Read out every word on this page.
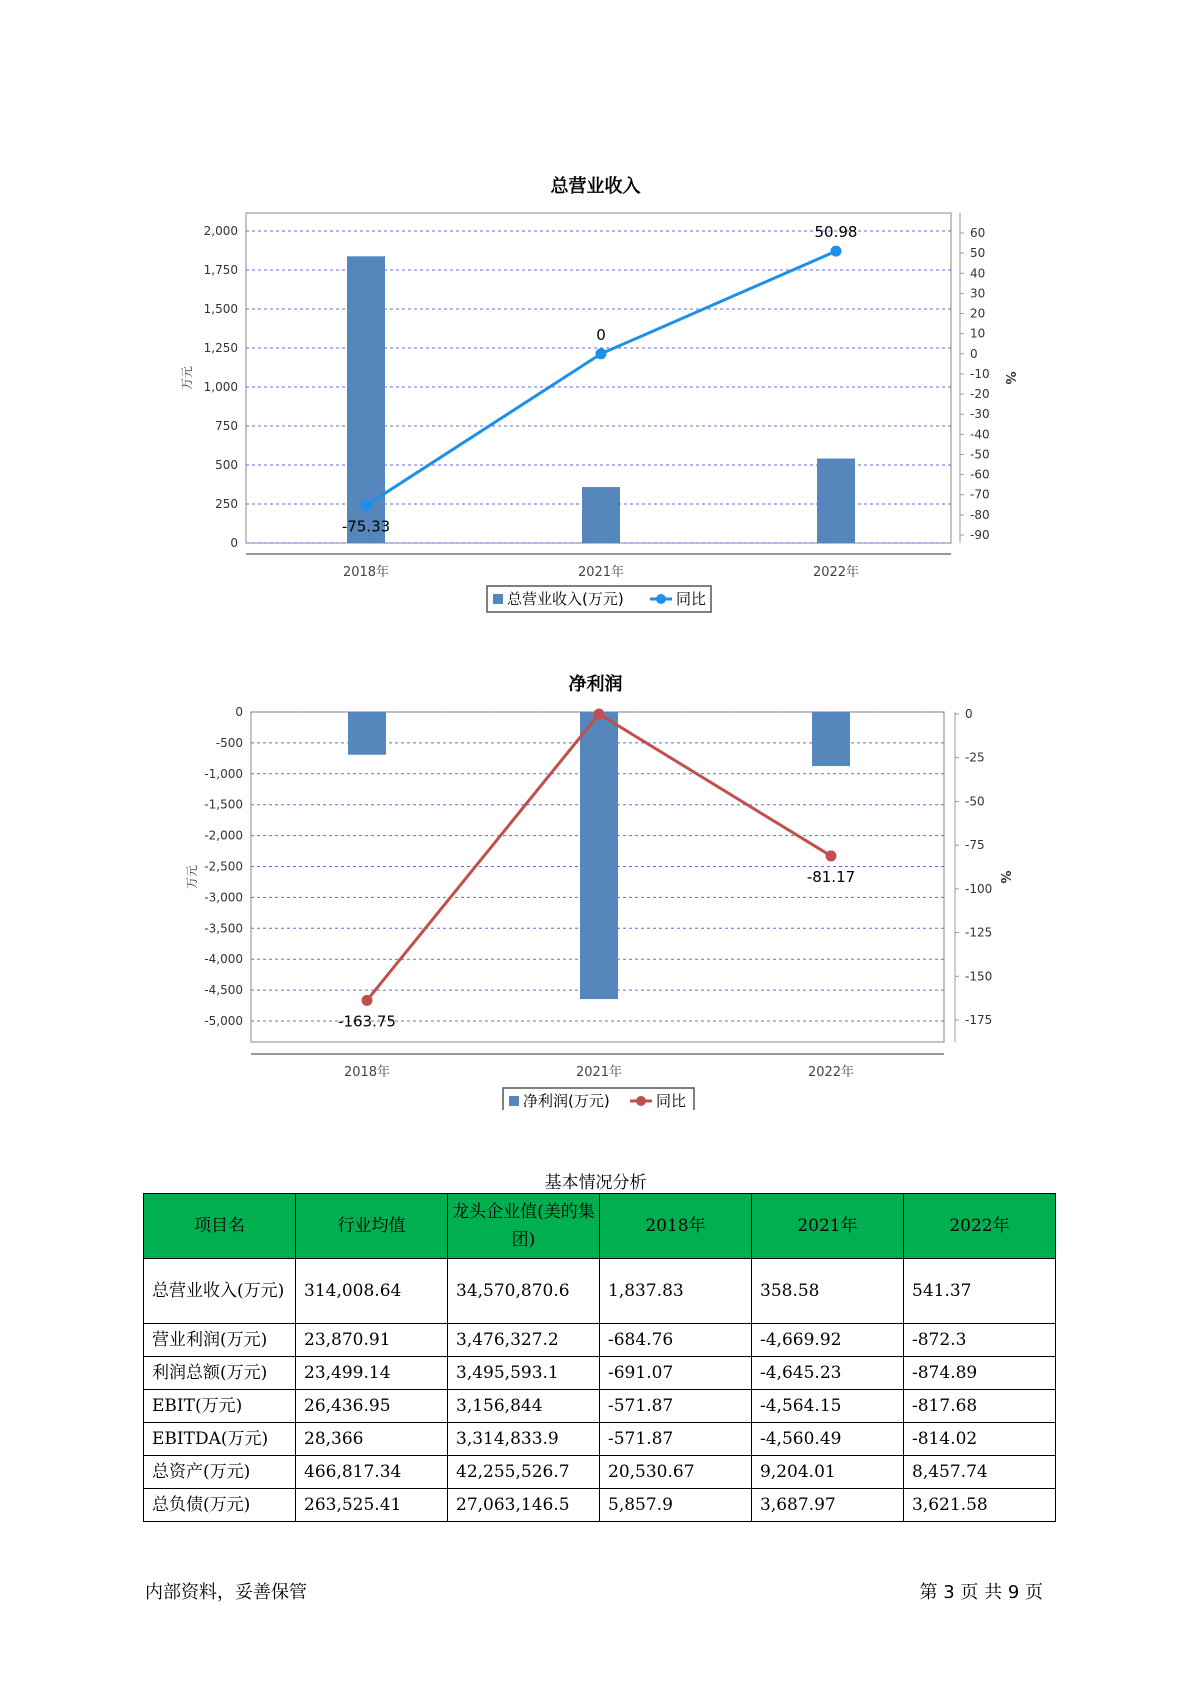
总营业收入
0
250
500
750
1,000
1,250
1,500
1,750
2,000	60
50
40
30
20
10
0
-10
-20
-30
-40
-50
-60
-70
-80
-90
万元	%
2018年	2021年	2022年
-75.33
0
50.98
总营业收入(万元)	同比
净利润
0
-500
-1,000
-1,500
-2,000
-2,500
-3,000
-3,500
-4,000
-4,500
-5,000
0
-25
-50
-75
-100
-125
-150
-175
万元	%
2018年	2021年	2022年
-163.75
-81.17
净利润(万元)	同比
基本情况分析
项目名	行业均值	龙头企业值(美的集团)	2018年	2021年	2022年
总营业收入(万元)	314,008.64	34,570,870.6	1,837.83	358.58	541.37
营业利润(万元)	23,870.91	3,476,327.2	-684.76	-4,669.92	-872.3
利润总额(万元)	23,499.14	3,495,593.1	-691.07	-4,645.23	-874.89
EBIT(万元)	26,436.95	3,156,844	-571.87	-4,564.15	-817.68
EBITDA(万元)	28,366	3,314,833.9	-571.87	-4,560.49	-814.02
总资产(万元)	466,817.34	42,255,526.7	20,530.67	9,204.01	8,457.74
总负债(万元)	263,525.41	27,063,146.5	5,857.9	3,687.97	3,621.58
内部资料，妥善保管	第 3 页 共 9 页
